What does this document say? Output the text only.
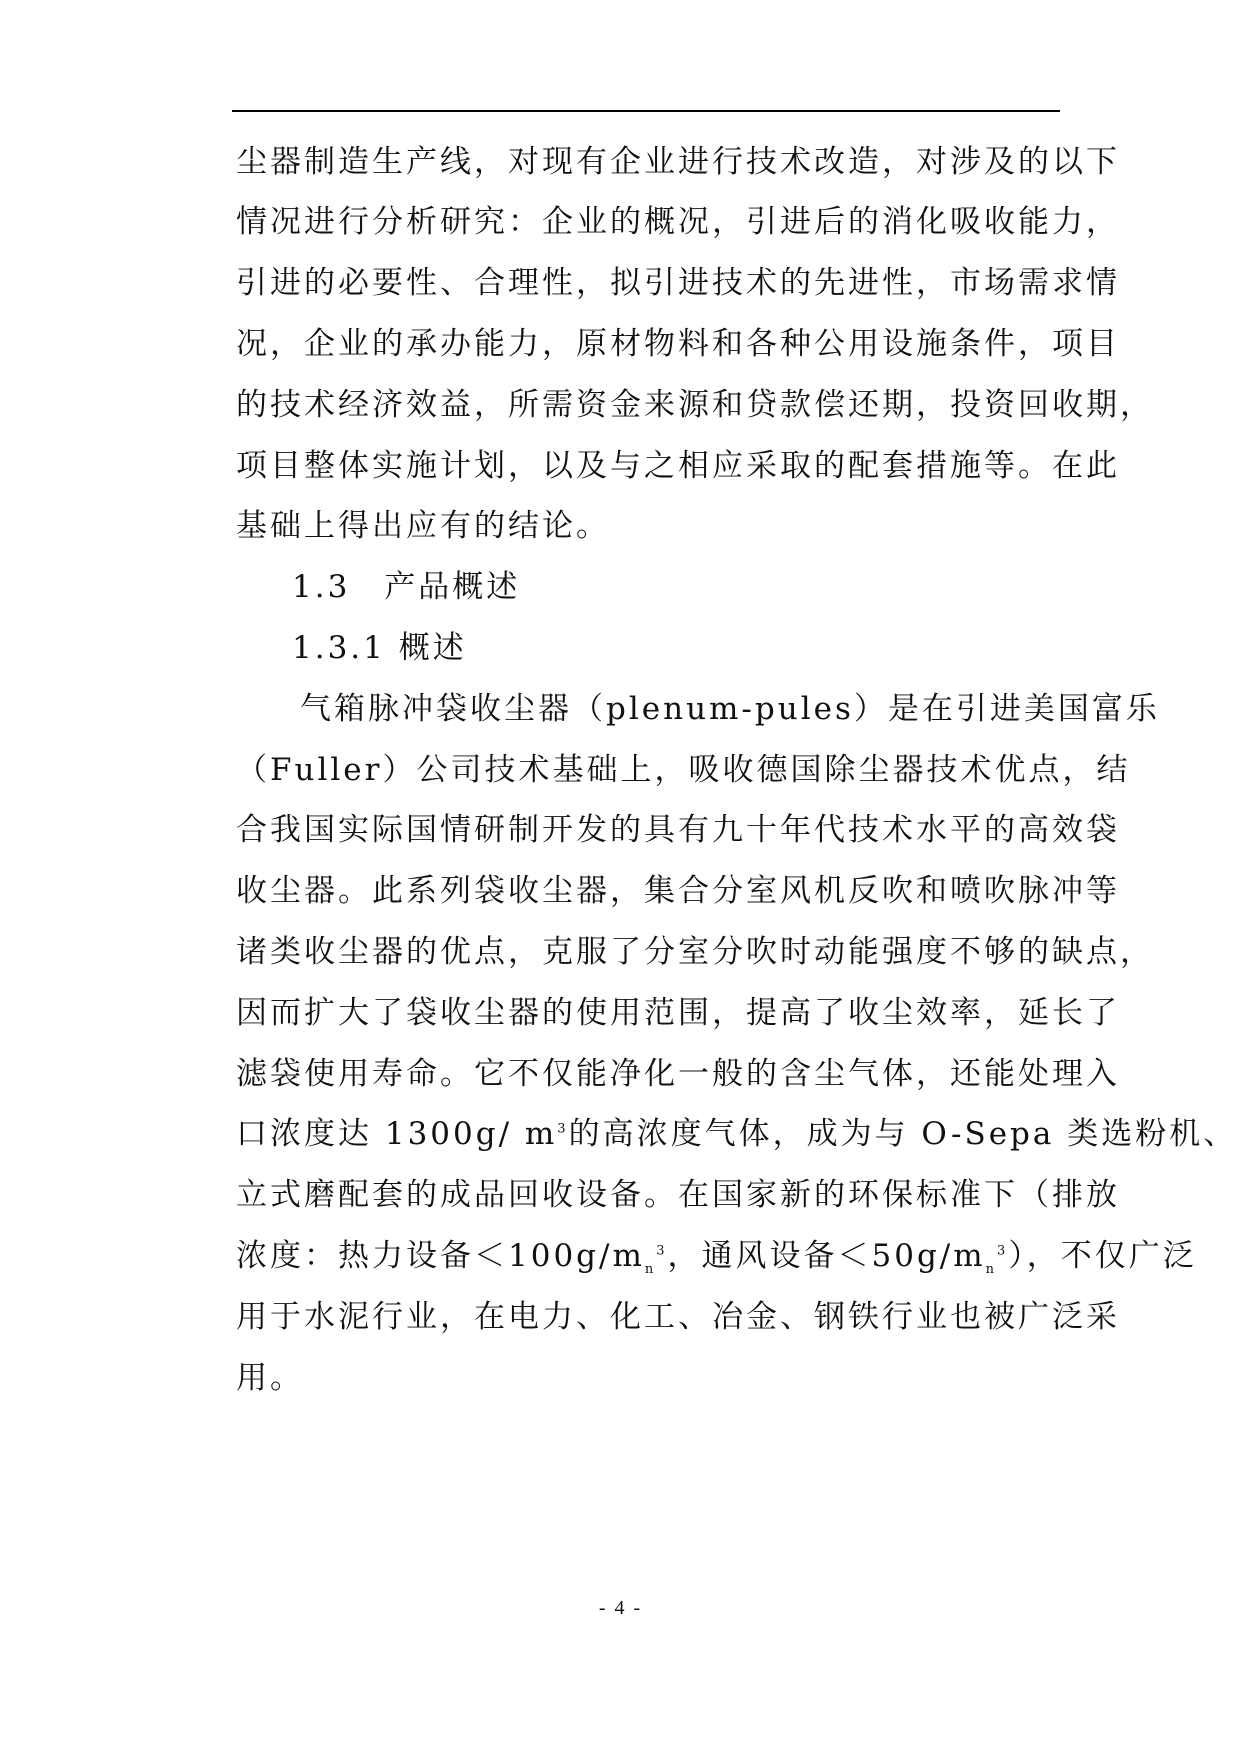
尘器制造生产线，对现有企业进行技术改造，对涉及的以下
情况进行分析研究：企业的概况，引进后的消化吸收能力，
引进的必要性、合理性，拟引进技术的先进性，市场需求情
况，企业的承办能力，原材物料和各种公用设施条件，项目
的技术经济效益，所需资金来源和贷款偿还期，投资回收期，
项目整体实施计划，以及与之相应采取的配套措施等。在此
基础上得出应有的结论。
1.3　产品概述
1.3.1 概述
气箱脉冲袋收尘器（plenum-pules）是在引进美国富乐
（Fuller）公司技术基础上，吸收德国除尘器技术优点，结
合我国实际国情研制开发的具有九十年代技术水平的高效袋
收尘器。此系列袋收尘器，集合分室风机反吹和喷吹脉冲等
诸类收尘器的优点，克服了分室分吹时动能强度不够的缺点，
因而扩大了袋收尘器的使用范围，提高了收尘效率，延长了
滤袋使用寿命。它不仅能净化一般的含尘气体，还能处理入
口浓度达 1300g/ $m^3$的高浓度气体，成为与 O-Sepa 类选粉机、
立式磨配套的成品回收设备。在国家新的环保标准下（排放
浓度：热力设备$<100g/m_n^3$，通风设备$<50g/m_n^3$），不仅广泛
用于水泥行业，在电力、化工、冶金、钢铁行业也被广泛采
用。
- 4 -
